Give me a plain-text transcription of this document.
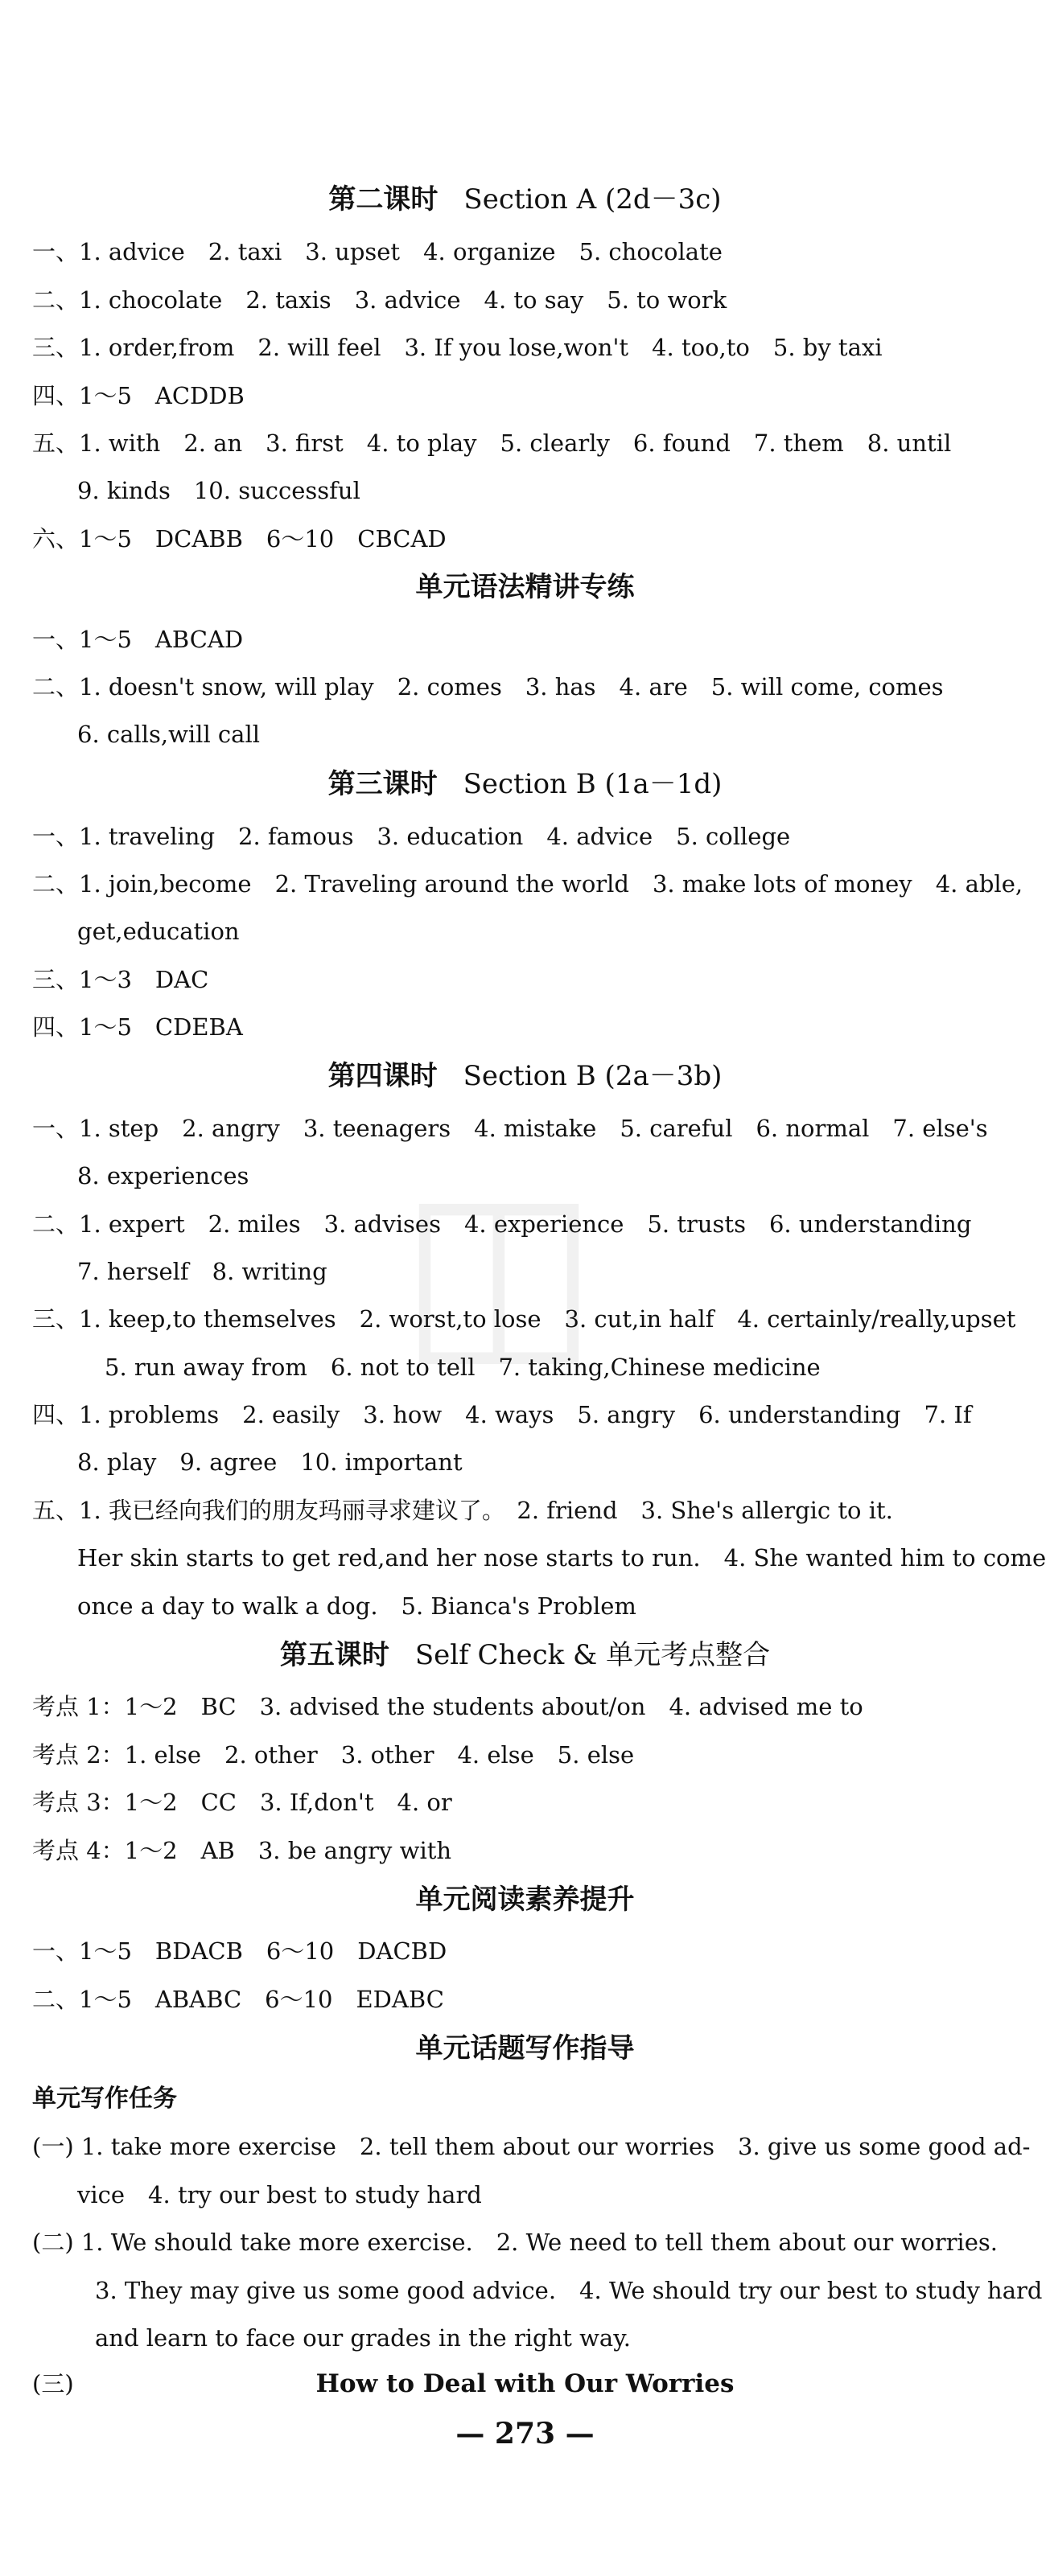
◫
第二课时 Section A (2d－3c)
一、1. advice　2. taxi　3. upset　4. organize　5. chocolate
二、1. chocolate　2. taxis　3. advice　4. to say　5. to work
三、1. order,from　2. will feel　3. If you lose,won't　4. too,to　5. by taxi
四、1～5　ACDDB
五、1. with　2. an　3. first　4. to play　5. clearly　6. found　7. them　8. until
9. kinds　10. successful
六、1～5　DCABB　6～10　CBCAD
单元语法精讲专练
一、1～5　ABCAD
二、1. doesn't snow, will play　2. comes　3. has　4. are　5. will come, comes
6. calls,will call
第三课时 Section B (1a－1d)
一、1. traveling　2. famous　3. education　4. advice　5. college
二、1. join,become　2. Traveling around the world　3. make lots of money　4. able,
get,education
三、1～3　DAC
四、1～5　CDEBA
第四课时 Section B (2a－3b)
一、1. step　2. angry　3. teenagers　4. mistake　5. careful　6. normal　7. else's
8. experiences
二、1. expert　2. miles　3. advises　4. experience　5. trusts　6. understanding
7. herself　8. writing
三、1. keep,to themselves　2. worst,to lose　3. cut,in half　4. certainly/really,upset
5. run away from　6. not to tell　7. taking,Chinese medicine
四、1. problems　2. easily　3. how　4. ways　5. angry　6. understanding　7. If
8. play　9. agree　10. important
五、1. 我已经向我们的朋友玛丽寻求建议了。　2. friend　3. She's allergic to it.
Her skin starts to get red,and her nose starts to run.　4. She wanted him to come
once a day to walk a dog.　5. Bianca's Problem
第五课时 Self Check & 单元考点整合
考点 1：1～2　BC　3. advised the students about/on　4. advised me to
考点 2：1. else　2. other　3. other　4. else　5. else
考点 3：1～2　CC　3. If,don't　4. or
考点 4：1～2　AB　3. be angry with
单元阅读素养提升
一、1～5　BDACB　6～10　DACBD
二、1～5　ABABC　6～10　EDABC
单元话题写作指导
单元写作任务
(一) 1. take more exercise　2. tell them about our worries　3. give us some good ad-
vice　4. try our best to study hard
(二) 1. We should take more exercise.　2. We need to tell them about our worries.
3. They may give us some good advice.　4. We should try our best to study hard
and learn to face our grades in the right way.
How to Deal with Our Worries
(三)
— 273 —
